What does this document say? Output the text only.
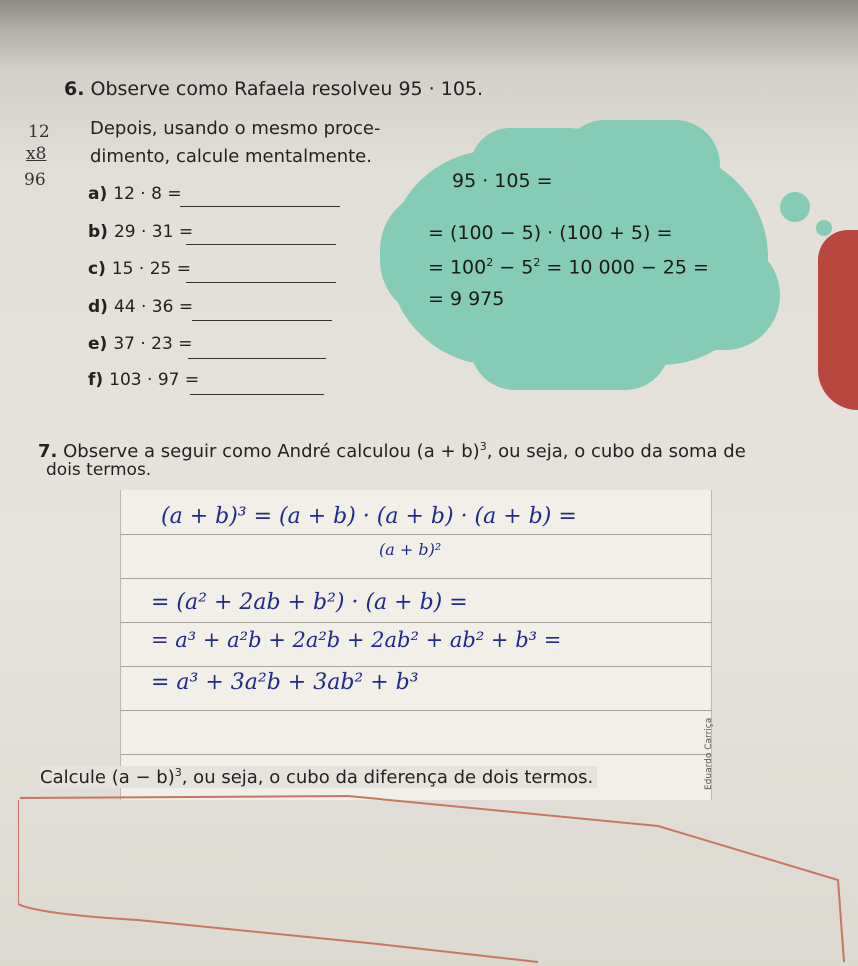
6. Observe como Rafaela resolveu 95 · 105.
Depois, usando o mesmo proce-
dimento, calcule mentalmente.
12
x8
96
a) 12 · 8 =
b) 29 · 31 =
c) 15 · 25 =
d) 44 · 36 =
e) 37 · 23 =
f) 103 · 97 =
95 · 105 =
= (100 − 5) · (100 + 5) =
= $100^2 - 5^2 = 10$ 000 − 25 =
= 9 975
7. Observe a seguir como André calculou $(a + b)^3$, ou seja, o cubo da soma de
dois termos.
(a + b)³ = (a + b) · (a + b) · (a + b) =
(a + b)²
= (a² + 2ab + b²) · (a + b) =
= a³ + a²b + 2a²b + 2ab² + ab² + b³ =
= a³ + 3a²b + 3ab² + b³
Eduardo Carriça
Calcule $(a - b)^3$, ou seja, o cubo da diferença de dois termos.
